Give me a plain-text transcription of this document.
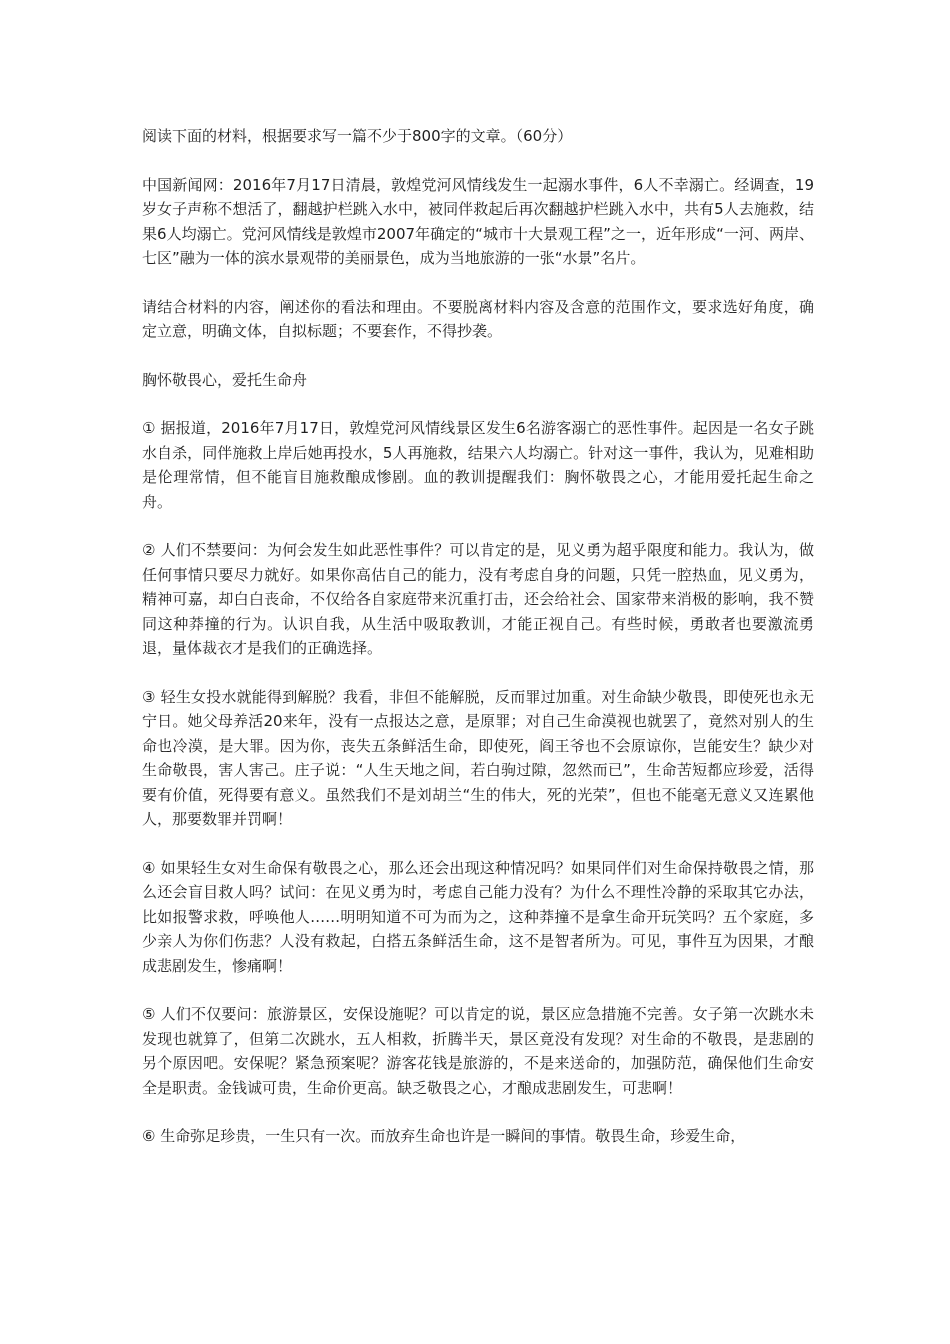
阅读下面的材料，根据要求写一篇不少于800字的文章。（60分）

中国新闻网：2016年7月17日清晨，敦煌党河风情线发生一起溺水事件，6人不幸溺亡。经调查，19岁女子声称不想活了，翻越护栏跳入水中，被同伴救起后再次翻越护栏跳入水中，共有5人去施救，结果6人均溺亡。党河风情线是敦煌市2007年确定的“城市十大景观工程”之一，近年形成“一河、两岸、七区”融为一体的滨水景观带的美丽景色，成为当地旅游的一张“水景”名片。

请结合材料的内容，阐述你的看法和理由。不要脱离材料内容及含意的范围作文，要求选好角度，确定立意，明确文体，自拟标题；不要套作，不得抄袭。

胸怀敬畏心，爱托生命舟

① 据报道，2016年7月17日，敦煌党河风情线景区发生6名游客溺亡的恶性事件。起因是一名女子跳水自杀，同伴施救上岸后她再投水，5人再施救，结果六人均溺亡。针对这一事件，我认为，见难相助是伦理常情，但不能盲目施救酿成惨剧。血的教训提醒我们：胸怀敬畏之心，才能用爱托起生命之舟。

② 人们不禁要问：为何会发生如此恶性事件？可以肯定的是，见义勇为超乎限度和能力。我认为，做任何事情只要尽力就好。如果你高估自己的能力，没有考虑自身的问题，只凭一腔热血，见义勇为，精神可嘉，却白白丧命，不仅给各自家庭带来沉重打击，还会给社会、国家带来消极的影响，我不赞同这种莽撞的行为。认识自我，从生活中吸取教训，才能正视自己。有些时候，勇敢者也要激流勇退，量体裁衣才是我们的正确选择。

③ 轻生女投水就能得到解脱？我看，非但不能解脱，反而罪过加重。对生命缺少敬畏，即使死也永无宁日。她父母养活20来年，没有一点报达之意，是原罪；对自己生命漠视也就罢了，竟然对别人的生命也冷漠，是大罪。因为你，丧失五条鲜活生命，即使死，阎王爷也不会原谅你，岂能安生？缺少对生命敬畏，害人害己。庄子说：“人生天地之间，若白驹过隙，忽然而已”，生命苦短都应珍爱，活得要有价值，死得要有意义。虽然我们不是刘胡兰“生的伟大，死的光荣”，但也不能毫无意义又连累他人，那要数罪并罚啊！

④ 如果轻生女对生命保有敬畏之心，那么还会出现这种情况吗？如果同伴们对生命保持敬畏之情，那么还会盲目救人吗？试问：在见义勇为时，考虑自己能力没有？为什么不理性冷静的采取其它办法，比如报警求救，呼唤他人……明明知道不可为而为之，这种莽撞不是拿生命开玩笑吗？五个家庭，多少亲人为你们伤悲？人没有救起，白搭五条鲜活生命，这不是智者所为。可见，事件互为因果，才酿成悲剧发生，惨痛啊！

⑤ 人们不仅要问：旅游景区，安保设施呢？可以肯定的说，景区应急措施不完善。女子第一次跳水未发现也就算了，但第二次跳水，五人相救，折腾半天，景区竟没有发现？对生命的不敬畏，是悲剧的另个原因吧。安保呢？紧急预案呢？游客花钱是旅游的，不是来送命的，加强防范，确保他们生命安全是职责。金钱诚可贵，生命价更高。缺乏敬畏之心，才酿成悲剧发生，可悲啊！

⑥ 生命弥足珍贵，一生只有一次。而放弃生命也许是一瞬间的事情。敬畏生命，珍爱生命，
